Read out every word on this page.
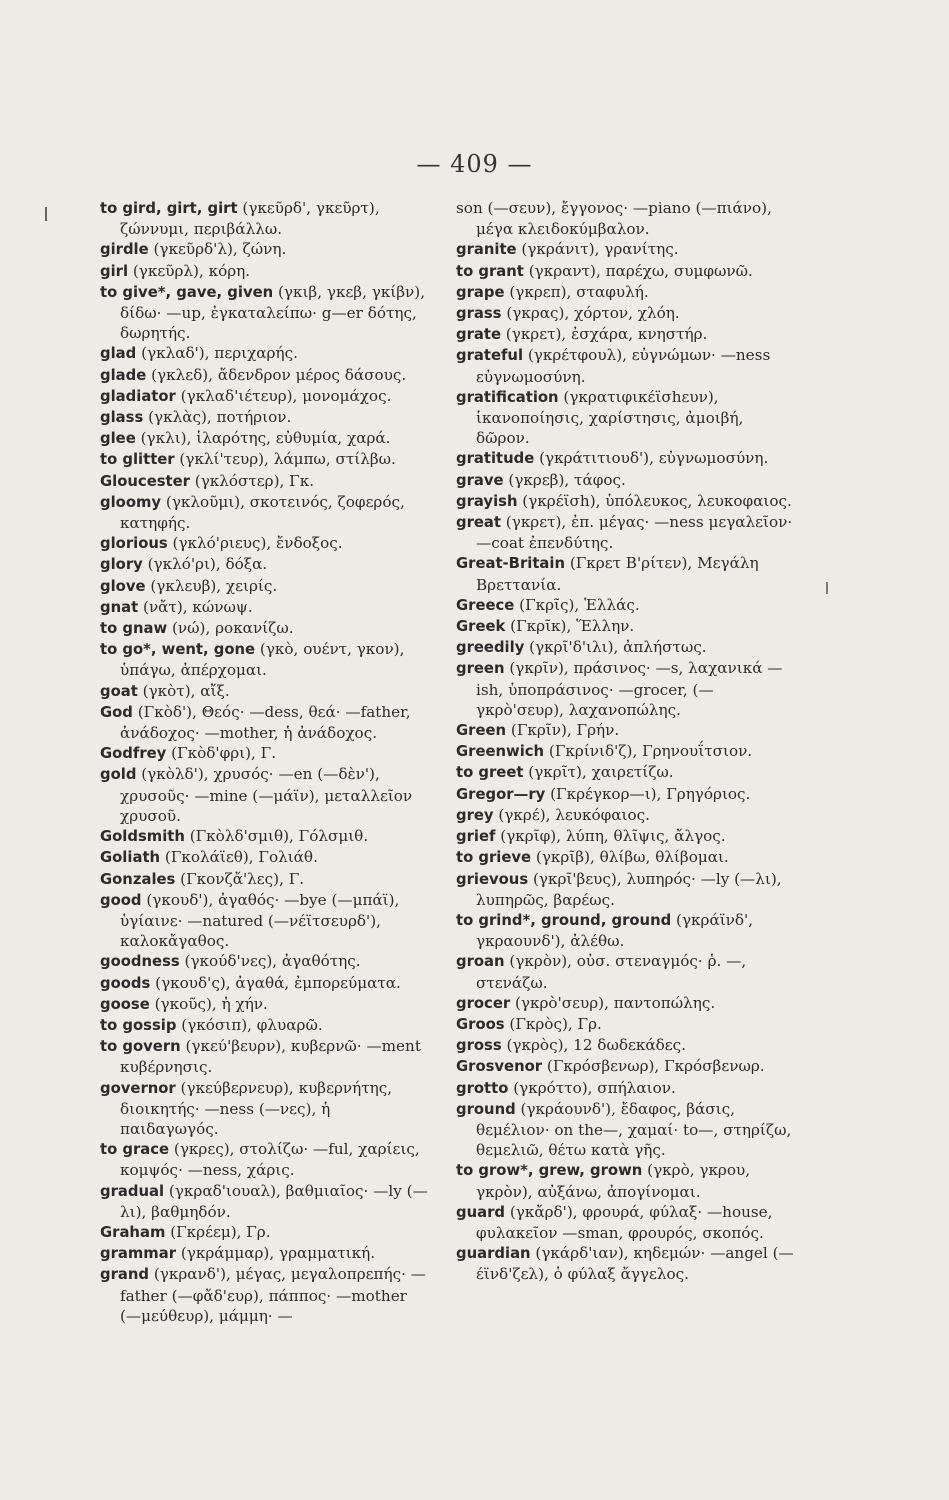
— 409 —

to gird, girt, girt (γκεῦρδ', γκεῦρτ), ζώννυμι, περιβάλλω.

girdle (γκεῦρδ'λ), ζώνη.

girl (γκεῦρλ), κόρη.

to give*, gave, given (γκιβ, γκεβ, γκίβν), δίδω· —up, ἐγκαταλείπω· g—er δότης, δωρητής.

glad (γκλαδ'), περιχαρής.

glade (γκλεδ), ἄδενδρον μέρος δάσους.

gladiator (γκλαδ'ιέτευρ), μονομάχος.

glass (γκλὰς), ποτήριον.

glee (γκλι), ἱλαρότης, εὐθυμία, χαρά.

to glitter (γκλί'τευρ), λάμπω, στίλβω.

Gloucester (γκλόστερ), Γκ.

gloomy (γκλοῦμι), σκοτεινός, ζοφερός, κατηφής.

glorious (γκλό'ριευς), ἔνδοξος.

glory (γκλό'ρι), δόξα.

glove (γκλευβ), χειρίς.

gnat (νἄτ), κώνωψ.

to gnaw (νώ), ροκανίζω.

to go*, went, gone (γκὸ, ουέντ, γκον), ὑπάγω, ἀπέρχομαι.

goat (γκὸτ), αἴξ.

God (Γκὸδ'), Θεός· —dess, θεά· —father, ἀνάδοχος· —mother, ἡ ἀνάδοχος.

Godfrey (Γκὸδ'φρι), Γ.

gold (γκὸλδ'), χρυσός· —en (—δὲν'), χρυσοῦς· —mine (—μάϊν), μεταλλεῖον χρυσοῦ.

Goldsmith (Γκὸλδ'σμιθ), Γόλσμιθ.

Goliath (Γκολάϊεθ), Γολιάθ.

Gonzales (Γκονζἄ'λες), Γ.

good (γκουδ'), ἀγαθός· —bye (—μπάϊ), ὑγίαινε· —natured (—νέϊτσευρδ'), καλοκἄγαθος.

goodness (γκούδ'νες), ἀγαθότης.

goods (γκουδ'ς), ἀγαθά, ἐμπορεύματα.

goose (γκοῦς), ἡ χήν.

to gossip (γκόσιπ), φλυαρῶ.

to govern (γκεύ'βευρν), κυβερνῶ· —ment κυβέρνησις.

governor (γκεύβερνευρ), κυβερνήτης, διοικητής· —ness (—νες), ἡ παιδαγωγός.

to grace (γκρες), στολίζω· —ful, χαρίεις, κομψός· —ness, χάρις.

gradual (γκραδ'ιουαλ), βαθμιαῖος· —ly (—λι), βαθμηδόν.

Graham (Γκρέεμ), Γρ.

grammar (γκράμμαρ), γραμματική.

grand (γκρανδ'), μέγας, μεγαλοπρεπής· —father (—φἄδ'ευρ), πάππος· —mother (—μεύθευρ), μάμμη· —

son (—σευν), ἔγγονος· —piano (—πιάνο), μέγα κλειδοκύμβαλον.

granite (γκράνιτ), γρανίτης.

to grant (γκραντ), παρέχω, συμφωνῶ.

grape (γκρεπ), σταφυλή.

grass (γκρας), χόρτον, χλόη.

grate (γκρετ), ἐσχάρα, κνηστήρ.

grateful (γκρέτφουλ), εὐγνώμων· —ness εὐγνωμοσύνη.

gratification (γκρατιφικέϊσhευν), ἱκανοποίησις, χαρίστησις, ἀμοιβή, δῶρον.

gratitude (γκράτιτιουδ'), εὐγνωμοσύνη.

grave (γκρεβ), τάφος.

grayish (γκρέϊσh), ὑπόλευκος, λευκοφαιος.

great (γκρετ), ἐπ. μέγας· —ness μεγαλεῖον· —coat ἐπενδύτης.

Great-Britain (Γκρετ Β'ρίτεν), Μεγάλη Βρεττανία.

Greece (Γκρῖς), Ἑλλάς.

Greek (Γκρῖκ), Ἕλλην.

greedily (γκρῖ'δ'ιλι), ἀπλήστως.

green (γκρῖν), πράσινος· —s, λαχανικά —ish, ὑποπράσινος· —grocer, (—γκρὸ'σευρ), λαχανοπώλης.

Green (Γκρῖν), Γρήν.

Greenwich (Γκρίνιδ'ζ), Γρηνουΐτσιον.

to greet (γκρῖτ), χαιρετίζω.

Gregor—ry (Γκρέγκορ—ι), Γρηγόριος.

grey (γκρέ), λευκόφαιος.

grief (γκρῖφ), λύπη, θλῖψις, ἄλγος.

to grieve (γκρῖβ), θλίβω, θλίβομαι.

grievous (γκρῖ'βευς), λυπηρός· —ly (—λι), λυπηρῶς, βαρέως.

to grind*, ground, ground (γκράϊνδ', γκραουνδ'), ἀλέθω.

groan (γκρὸν), οὐσ. στεναγμός· ῥ. —, στενάζω.

grocer (γκρὸ'σευρ), παντοπώλης.

Groos (Γκρὸς), Γρ.

gross (γκρὸς), 12 δωδεκάδες.

Grosvenor (Γκρόσβενωρ), Γκρόσβενωρ.

grotto (γκρόττο), σπήλαιον.

ground (γκράουνδ'), ἔδαφος, βάσις, θεμέλιον· on the—, χαμαί· to—, στηρίζω, θεμελιῶ, θέτω κατὰ γῆς.

to grow*, grew, grown (γκρὸ, γκρου, γκρὸν), αὐξάνω, ἀπογίνομαι.

guard (γκἄρδ'), φρουρά, φύλαξ· —house, φυλακεῖον —sman, φρουρός, σκοπός.

guardian (γκάρδ'ιαν), κηδεμών· —angel (—έϊνδ'ζελ), ὁ φύλαξ ἄγγελος.
